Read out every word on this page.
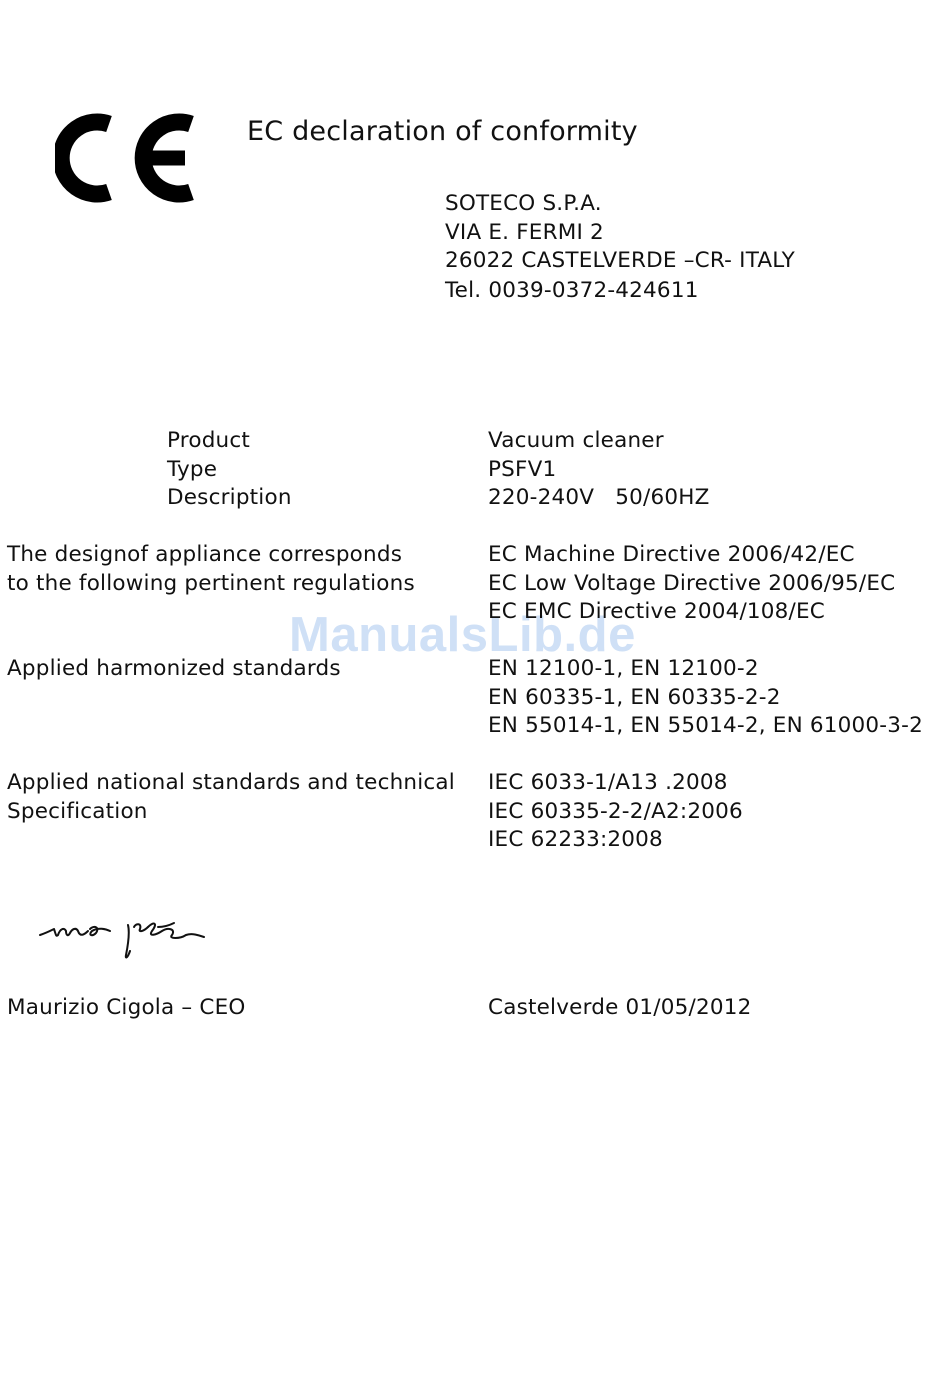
EC declaration of conformity
SOTECO S.P.A.
VIA E. FERMI 2
26022 CASTELVERDE –CR- ITALY
Tel. 0039-0372-424611
Product
Type
Description
Vacuum cleaner
PSFV1
220-240V   50/60HZ
ManualsLib.de
The designof appliance corresponds
to the following pertinent regulations
EC Machine Directive 2006/42/EC
EC Low Voltage Directive 2006/95/EC
EC EMC Directive 2004/108/EC
Applied harmonized standards	EN 12100-1, EN 12100-2
EN 60335-1, EN 60335-2-2
EN 55014-1, EN 55014-2, EN 61000-3-2
Applied national standards and technical
Specification
IEC 6033-1/A13 .2008
IEC 60335-2-2/A2:2006
IEC 62233:2008
Maurizio Cigola – CEO	Castelverde 01/05/2012
